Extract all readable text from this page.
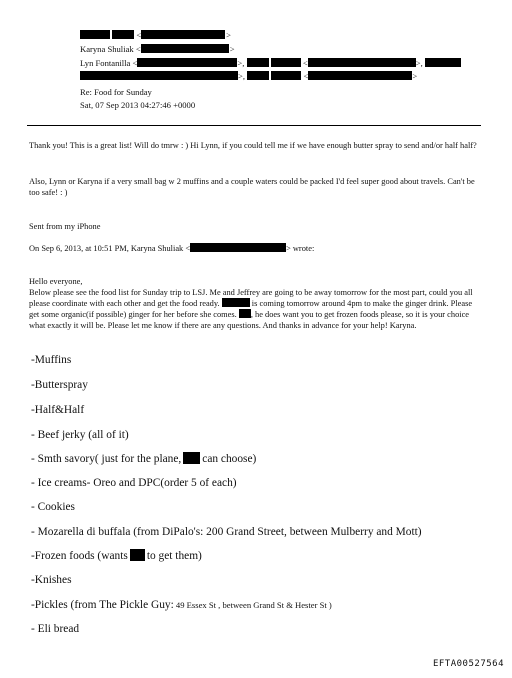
<	>
Karyna Shuliak <	>
Lyn Fontanilla <	>,	<	>,
>,	<	>
Re: Food for Sunday
Sat, 07 Sep 2013 04:27:46 +0000
Thank you! This is a great list! Will do tmrw : ) Hi Lynn, if you could tell me if we have enough butter spray to send and/or half half?
Also, Lynn or Karyna if a very small bag w 2 muffins and a couple waters could be packed I'd feel super good about travels. Can't be too safe! : )
Sent from my iPhone
On Sep 6, 2013, at 10:51 PM, Karyna Shuliak <	> wrote:
Hello everyone,
Below please see the food list for Sunday trip to LSJ. Me and Jeffrey are going to be away tomorrow for the most part, could you all please coordinate with each other and get the food ready.	is coming tomorrow around 4pm to make the ginger drink. Please get some organic(if possible) ginger for her before she comes. , he does want you to get frozen foods please, so it is your choice what exactly it will be. Please let me know if there are any questions. And thanks in advance for your help! Karyna.
-Muffins
-Butterspray
-Half&Half
- Beef jerky (all of it)
- Smth savory( just for the plane, can choose)
- Ice creams- Oreo and DPC(order 5 of each)
- Cookies
- Mozarella di buffala (from DiPalo's: 200 Grand Street, between Mulberry and Mott)
-Frozen foods (wants to get them)
-Knishes
-Pickles (from The Pickle Guy: 49 Essex St , between Grand St & Hester St )
- Eli bread
EFTA00527564
